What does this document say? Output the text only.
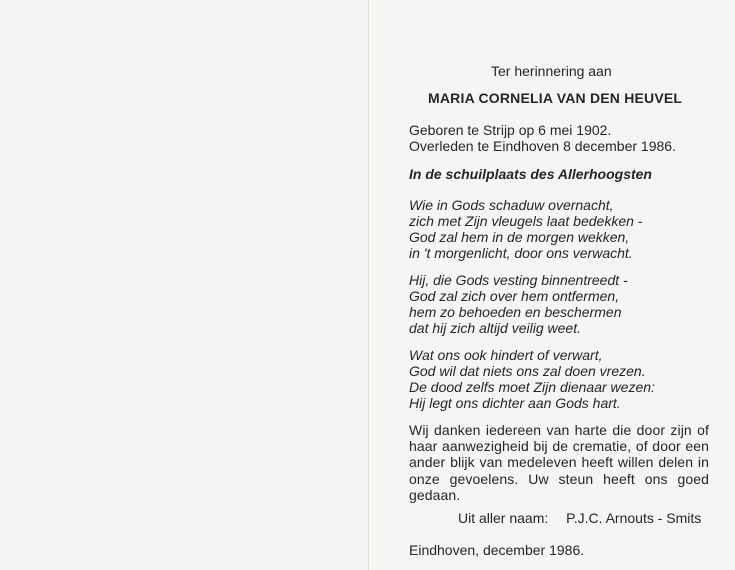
Ter herinnering aan
MARIA CORNELIA VAN DEN HEUVEL
Geboren te Strijp op 6 mei 1902.
Overleden te Eindhoven 8 december 1986.
In de schuilplaats des Allerhoogsten
Wie in Gods schaduw overnacht,
zich met Zijn vleugels laat bedekken -
God zal hem in de morgen wekken,
in 't morgenlicht, door ons verwacht.
Hij, die Gods vesting binnentreedt -
God zal zich over hem ontfermen,
hem zo behoeden en beschermen
dat hij zich altijd veilig weet.
Wat ons ook hindert of verwart,
God wil dat niets ons zal doen vrezen.
De dood zelfs moet Zijn dienaar wezen:
Hij legt ons dichter aan Gods hart.
Wij danken iedereen van harte die door zijn of haar aanwezigheid bij de crematie, of door een ander blijk van medeleven heeft willen delen in onze gevoelens. Uw steun heeft ons goed gedaan.
Uit aller naam: P.J.C. Arnouts - Smits
Eindhoven, december 1986.
